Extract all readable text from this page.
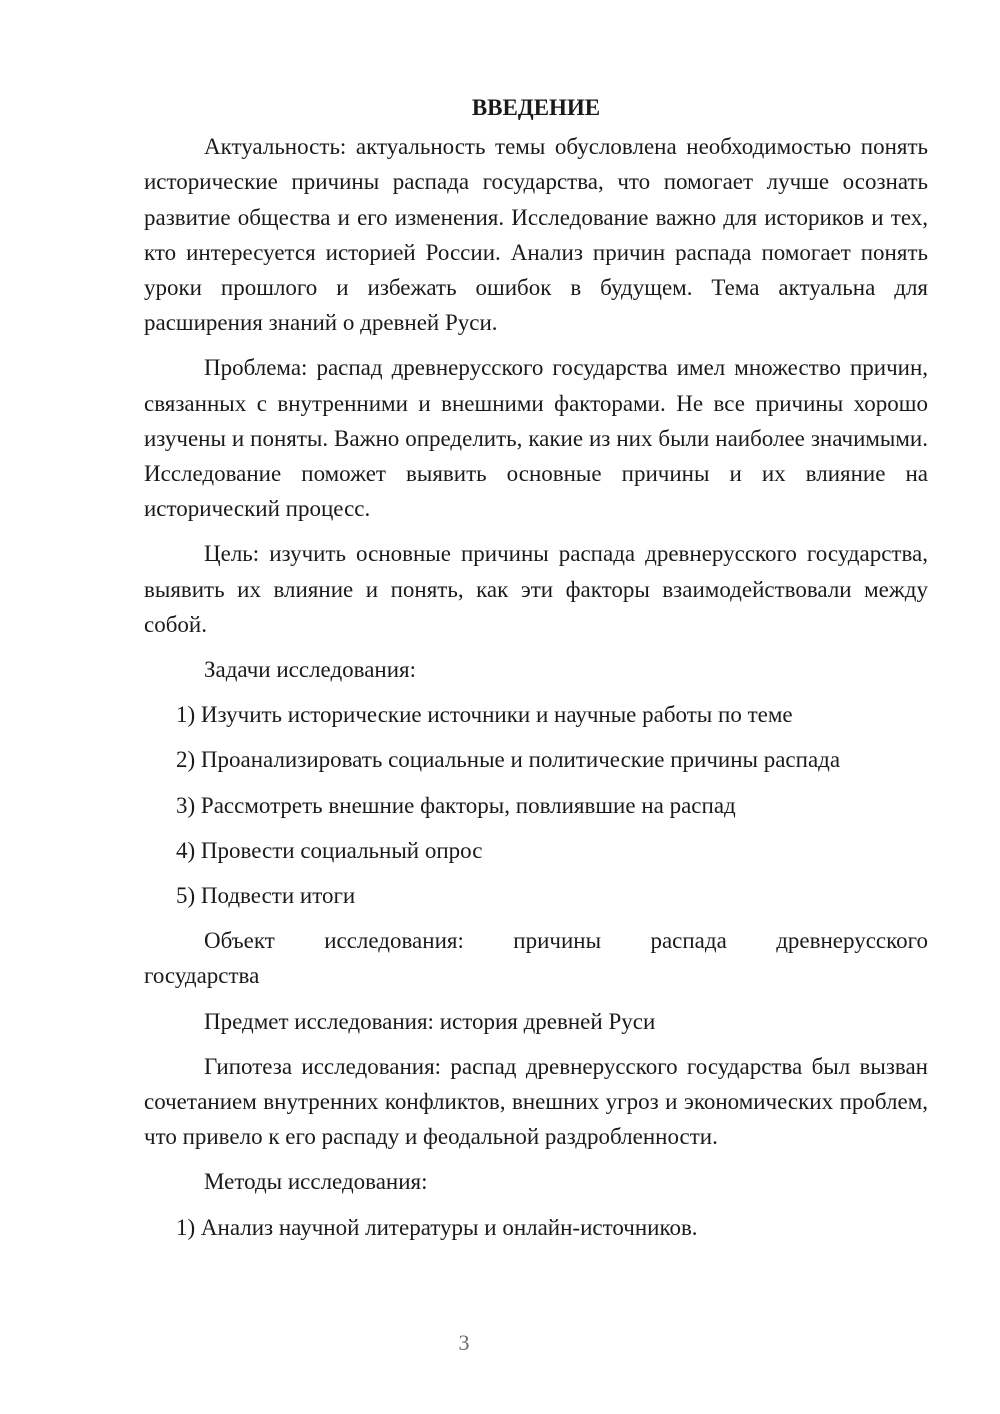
ВВЕДЕНИЕ

Актуальность: актуальность темы обусловлена необходимостью понять исторические причины распада государства, что помогает лучше осознать развитие общества и его изменения. Исследование важно для историков и тех, кто интересуется историей России. Анализ причин распада помогает понять уроки прошлого и избежать ошибок в будущем. Тема актуальна для расширения знаний о древней Руси.

Проблема: распад древнерусского государства имел множество причин, связанных с внутренними и внешними факторами. Не все причины хорошо изучены и поняты. Важно определить, какие из них были наиболее значимыми. Исследование поможет выявить основные причины и их влияние на исторический процесс.

Цель: изучить основные причины распада древнерусского государства, выявить их влияние и понять, как эти факторы взаимодействовали между собой.

Задачи исследования:

1) Изучить исторические источники и научные работы по теме
2) Проанализировать социальные и политические причины распада
3) Рассмотреть внешние факторы, повлиявшие на распад
4) Провести социальный опрос
5) Подвести итоги

Объект исследования: причины распада древнерусского

государства

Предмет исследования: история древней Руси

Гипотеза исследования: распад древнерусского государства был вызван сочетанием внутренних конфликтов, внешних угроз и экономических проблем, что привело к его распаду и феодальной раздробленности.

Методы исследования:

1) Анализ научной литературы и онлайн-источников.
3
